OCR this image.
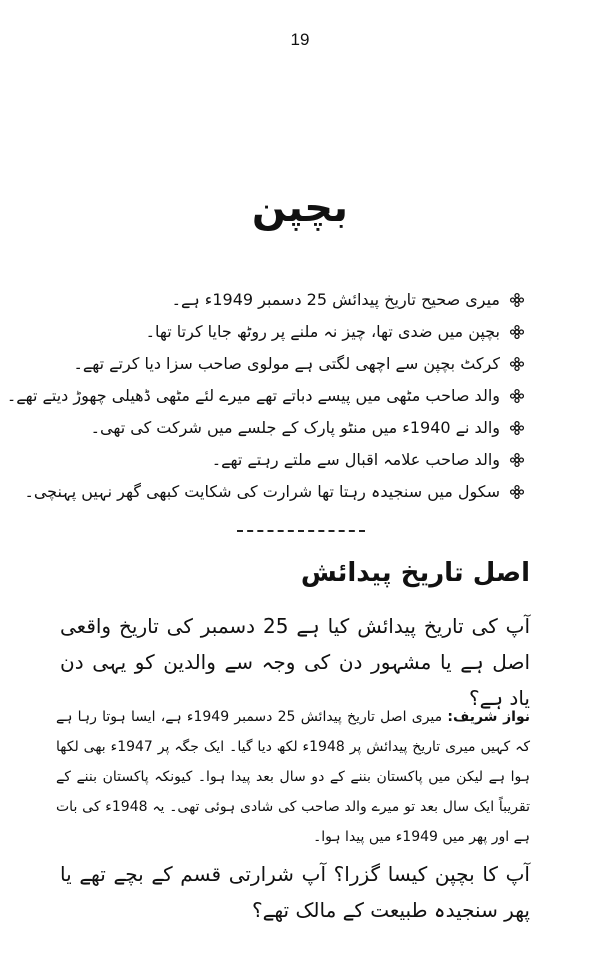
19
بچپن
میری صحیح تاریخ پیدائش 25 دسمبر 1949ء ہے۔
بچپن میں ضدی تھا، چیز نہ ملنے پر روٹھ جایا کرتا تھا۔
کرکٹ بچپن سے اچھی لگتی ہے مولوی صاحب سزا دیا کرتے تھے۔
والد صاحب مٹھی میں پیسے دباتے تھے میرے لئے مٹھی ڈھیلی چھوڑ دیتے تھے۔
والد نے 1940ء میں منٹو پارک کے جلسے میں شرکت کی تھی۔
والد صاحب علامہ اقبال سے ملتے رہتے تھے۔
سکول میں سنجیدہ رہتا تھا شرارت کی شکایت کبھی گھر نہیں پہنچی۔
اصل تاریخ پیدائش

آپ کی تاریخ پیدائش کیا ہے 25 دسمبر کی تاریخ واقعی اصل ہے یا مشہور دن کی وجہ سے والدین کو یہی دن یاد ہے؟

نواز شریف: میری اصل تاریخ پیدائش 25 دسمبر 1949ء ہے، ایسا ہوتا رہا ہے کہ کہیں میری تاریخ پیدائش پر 1948ء لکھ دیا گیا۔ ایک جگہ پر 1947ء بھی لکھا ہوا ہے لیکن میں پاکستان بننے کے دو سال بعد پیدا ہوا۔ کیونکہ پاکستان بننے کے تقریباً ایک سال بعد تو میرے والد صاحب کی شادی ہوئی تھی۔ یہ 1948ء کی بات ہے اور پھر میں 1949ء میں پیدا ہوا۔

آپ کا بچپن کیسا گزرا؟ آپ شرارتی قسم کے بچے تھے یا پھر سنجیدہ طبیعت کے مالک تھے؟
